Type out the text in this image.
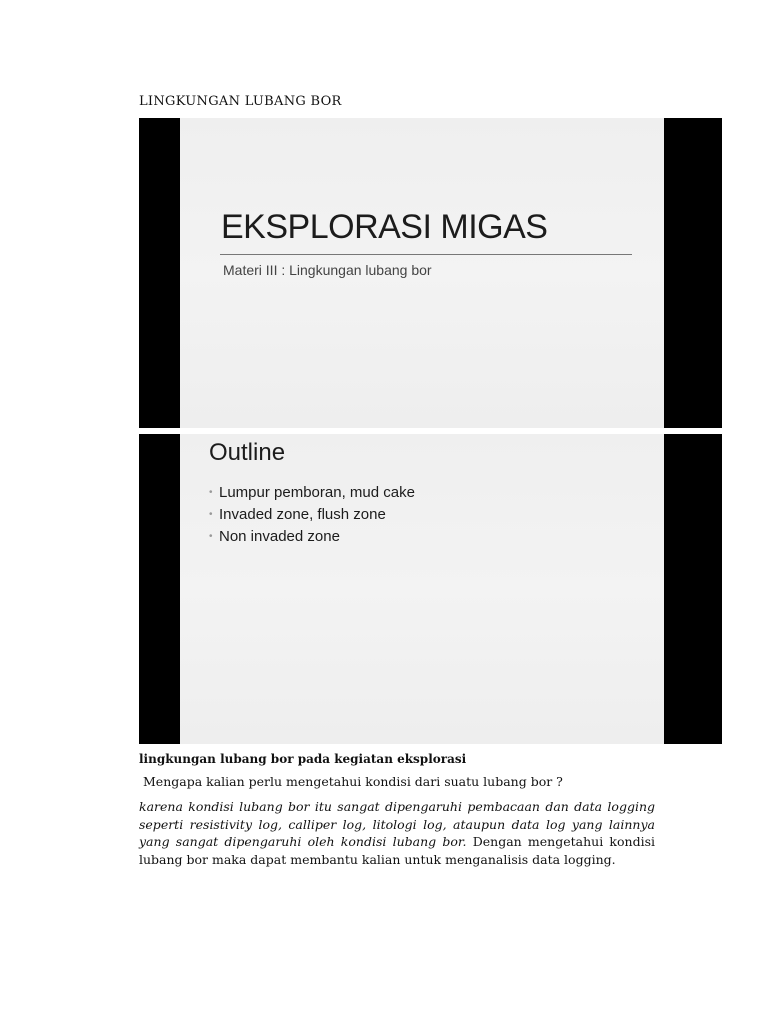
LINGKUNGAN LUBANG BOR
EKSPLORASI MIGAS
Materi III : Lingkungan lubang bor
Outline
• Lumpur pemboran, mud cake
• Invaded zone, flush zone
• Non invaded zone

lingkungan lubang bor pada kegiatan eksplorasi

Mengapa kalian perlu mengetahui kondisi dari suatu lubang bor ?

karena kondisi lubang bor itu sangat dipengaruhi pembacaan dan data logging seperti resistivity log, calliper log, litologi log, ataupun data log yang lainnya yang sangat dipengaruhi oleh kondisi lubang bor. Dengan mengetahui kondisi lubang bor maka dapat membantu kalian untuk menganalisis data logging.
